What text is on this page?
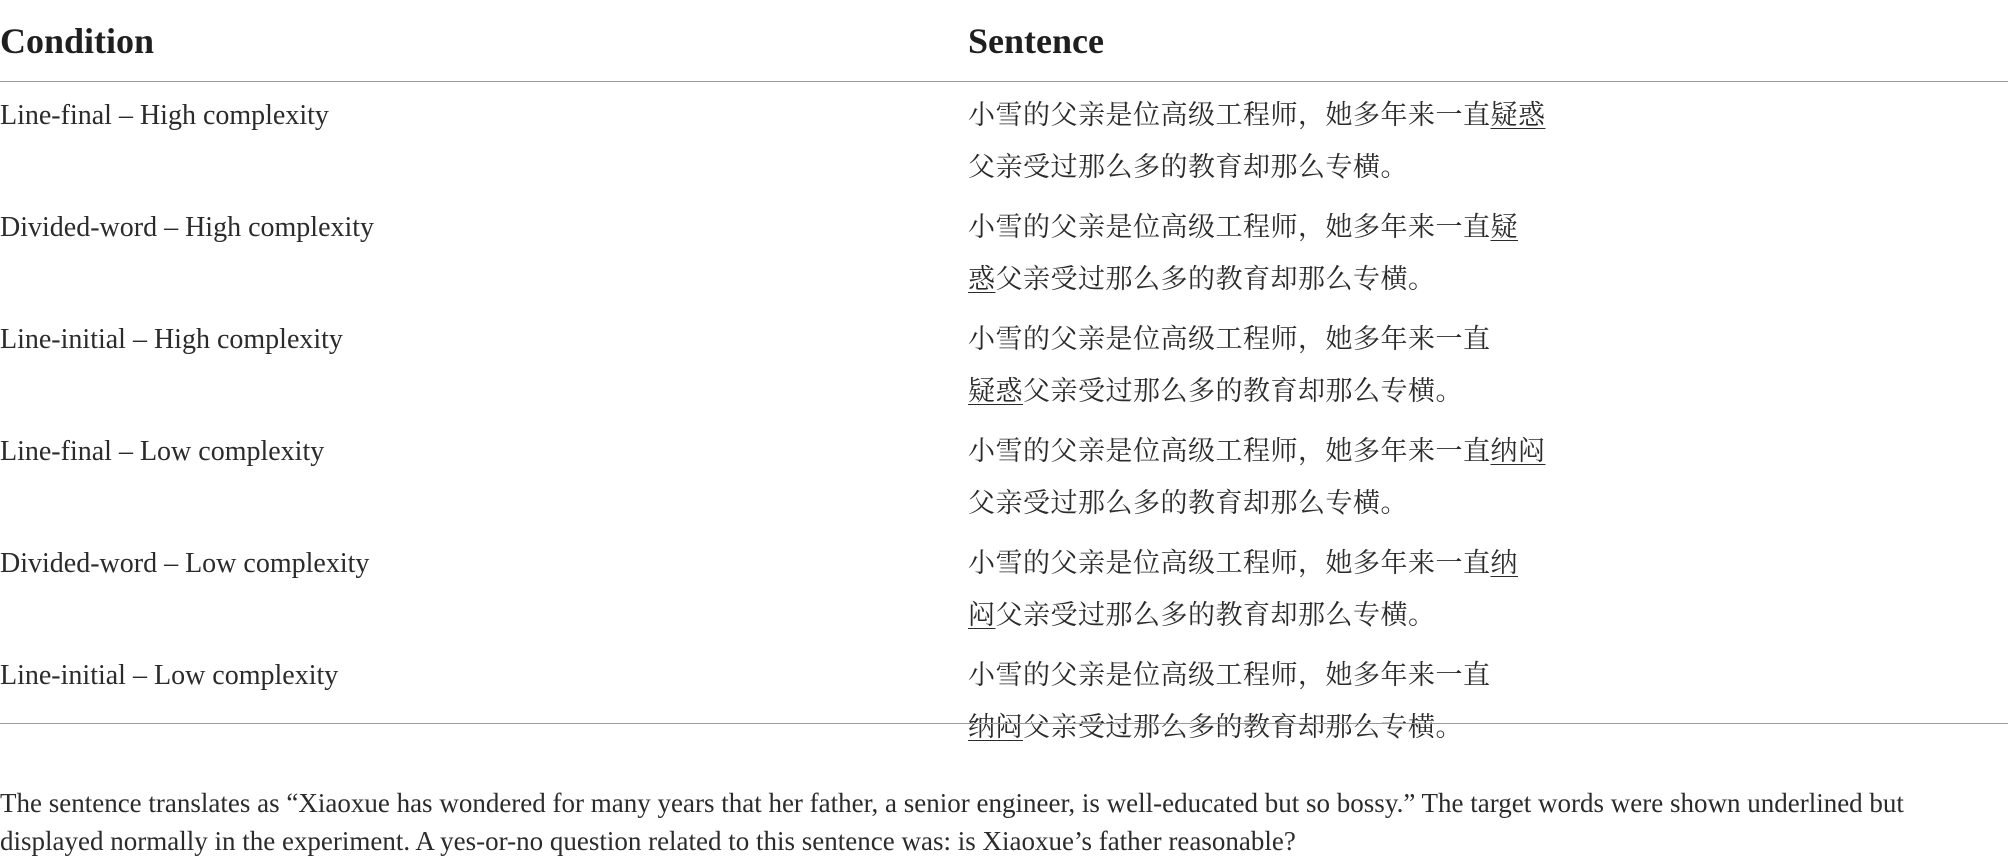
Condition	Sentence
Line-final – High complexity	小雪的父亲是位高级工程师，她多年来一直疑惑
父亲受过那么多的教育却那么专横。

Divided-word – High complexity	小雪的父亲是位高级工程师，她多年来一直疑
惑父亲受过那么多的教育却那么专横。

Line-initial – High complexity	小雪的父亲是位高级工程师，她多年来一直
疑惑父亲受过那么多的教育却那么专横。

Line-final – Low complexity	小雪的父亲是位高级工程师，她多年来一直纳闷
父亲受过那么多的教育却那么专横。

Divided-word – Low complexity	小雪的父亲是位高级工程师，她多年来一直纳
闷父亲受过那么多的教育却那么专横。

Line-initial – Low complexity	小雪的父亲是位高级工程师，她多年来一直
纳闷父亲受过那么多的教育却那么专横。
The sentence translates as “Xiaoxue has wondered for many years that her father, a senior engineer, is well-educated but so bossy.” The target words were shown underlined but displayed normally in the experiment. A yes-or-no question related to this sentence was: is Xiaoxue’s father reasonable?
